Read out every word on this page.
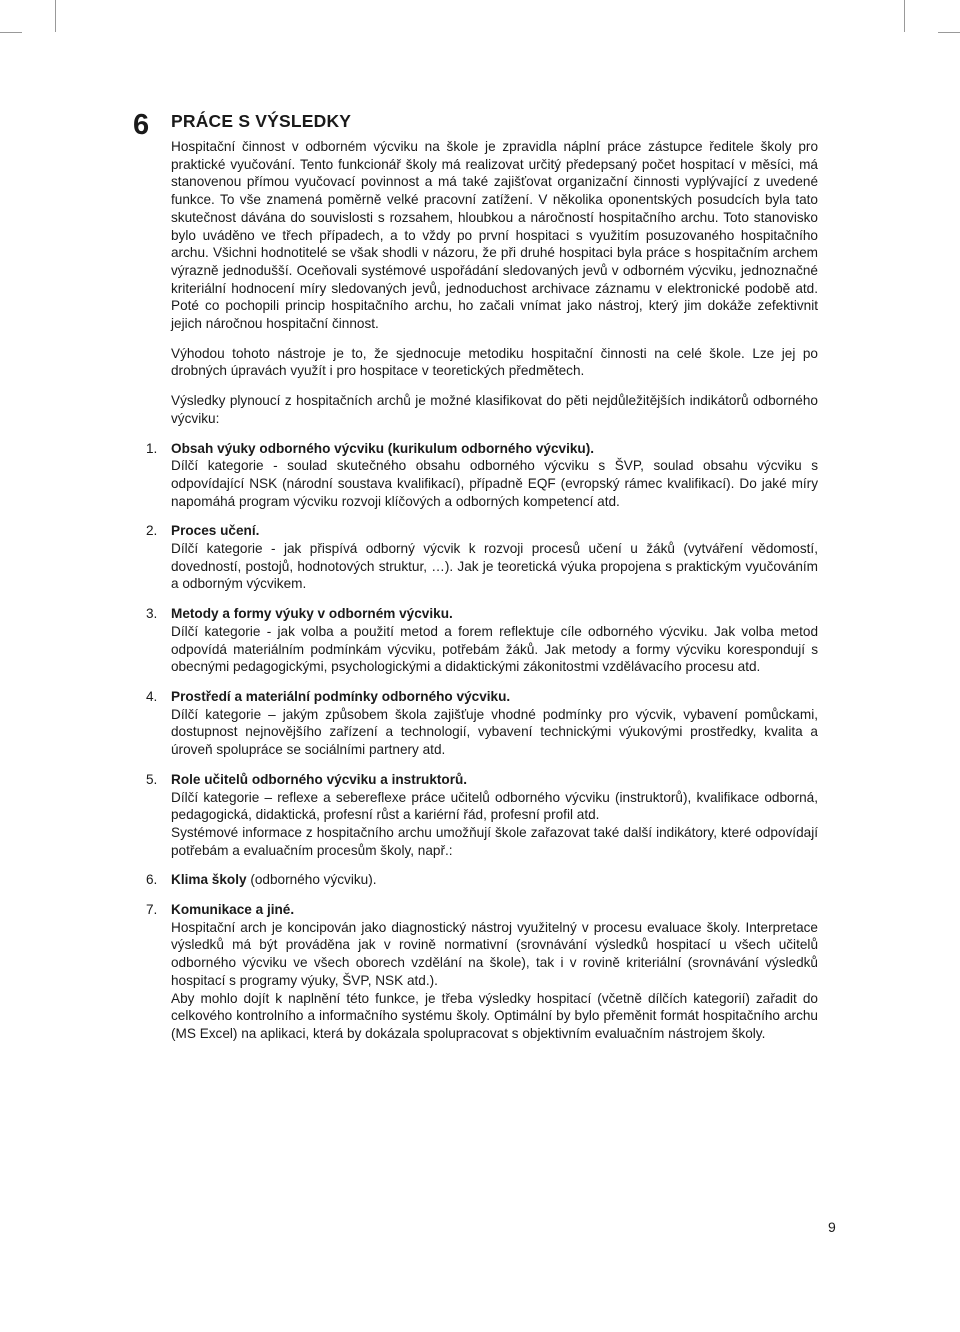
6 PRÁCE S VÝSLEDKY

Hospitační činnost v odborném výcviku na škole je zpravidla náplní práce zástupce ředitele školy pro praktické vyučování. Tento funkcionář školy má realizovat určitý předepsaný počet hospitací v měsíci, má stanovenou přímou vyučovací povinnost a má také zajišťovat organizační činnosti vyplývající z uvedené funkce. To vše znamená poměrně velké pracovní zatížení. V několika oponentských posudcích byla tato skutečnost dávána do souvislosti s rozsahem, hloubkou a náročností hospitačního archu. Toto stanovisko bylo uváděno ve třech případech, a to vždy po první hospitaci s využitím posuzovaného hospitačního archu. Všichni hodnotitelé se však shodli v názoru, že při druhé hospitaci byla práce s hospitačním archem výrazně jednodušší. Oceňovali systémové uspořádání sledovaných jevů v odborném výcviku, jednoznačné kriteriální hodnocení míry sledovaných jevů, jednoduchost archivace záznamu v elektronické podobě atd. Poté co pochopili princip hospitačního archu, ho začali vnímat jako nástroj, který jim dokáže zefektivnit jejich náročnou hospitační činnost.

Výhodou tohoto nástroje je to, že sjednocuje metodiku hospitační činnosti na celé škole. Lze jej po drobných úpravách využít i pro hospitace v teoretických předmětech.

Výsledky plynoucí z hospitačních archů je možné klasifikovat do pěti nejdůležitějších indikátorů odborného výcviku:

1. Obsah výuky odborného výcviku (kurikulum odborného výcviku).

Dílčí kategorie - soulad skutečného obsahu odborného výcviku s ŠVP, soulad obsahu výcviku s odpovídající NSK (národní soustava kvalifikací), případně EQF (evropský rámec kvalifikací). Do jaké míry napomáhá program výcviku rozvoji klíčových a odborných kompetencí atd.

2. Proces učení.

Dílčí kategorie - jak přispívá odborný výcvik k rozvoji procesů učení u žáků (vytváření vědomostí, dovedností, postojů, hodnotových struktur, …). Jak je teoretická výuka propojena s praktickým vyučováním a odborným výcvikem.

3. Metody a formy výuky v odborném výcviku.

Dílčí kategorie - jak volba a použití metod a forem reflektuje cíle odborného výcviku. Jak volba metod odpovídá materiálním podmínkám výcviku, potřebám žáků. Jak metody a formy výcviku korespondují s obecnými pedagogickými, psychologickými a didaktickými zákonitostmi vzdělávacího procesu atd.

4. Prostředí a materiální podmínky odborného výcviku.

Dílčí kategorie – jakým způsobem škola zajišťuje vhodné podmínky pro výcvik, vybavení pomůckami, dostupnost nejnovějšího zařízení a technologií, vybavení technickými výukovými prostředky, kvalita a úroveň spolupráce se sociálními partnery atd.

5. Role učitelů odborného výcviku a instruktorů.

Dílčí kategorie – reflexe a sebereflexe práce učitelů odborného výcviku (instruktorů), kvalifikace odborná, pedagogická, didaktická, profesní růst a kariérní řád, profesní profil atd.

Systémové informace z hospitačního archu umožňují škole zařazovat také další indikátory, které odpovídají potřebám a evaluačním procesům školy, např.:

6. Klima školy (odborného výcviku).
7. Komunikace a jiné.

Hospitační arch je koncipován jako diagnostický nástroj využitelný v procesu evaluace školy. Interpretace výsledků má být prováděna jak v rovině normativní (srovnávání výsledků hospitací u všech učitelů odborného výcviku ve všech oborech vzdělání na škole), tak i v rovině kriteriální (srovnávání výsledků hospitací s programy výuky, ŠVP, NSK atd.).

Aby mohlo dojít k naplnění této funkce, je třeba výsledky hospitací (včetně dílčích kategorií) zařadit do celkového kontrolního a informačního systému školy. Optimální by bylo přeměnit formát hospitačního archu (MS Excel) na aplikaci, která by dokázala spolupracovat s objektivním evaluačním nástrojem školy.

9
